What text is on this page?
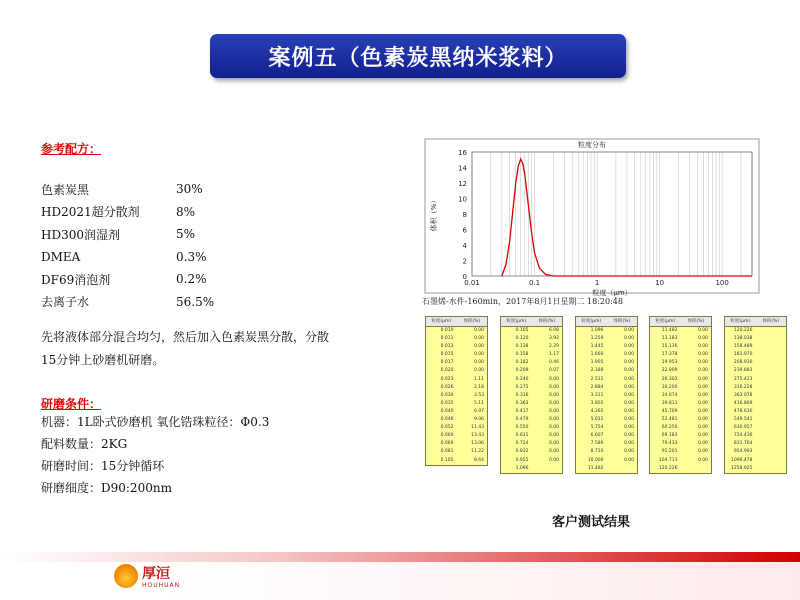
案例五（色素炭黑纳米浆料）
参考配方：
色素炭黑	30%
HD2021超分散剂	8%
HD300润湿剂	5%
DMEA	0.3%
DF69消泡剂	0.2%
去离子水	56.5%
先将液体部分混合均匀，然后加入色素炭黑分散，分散
15分钟上砂磨机研磨。
研磨条件：
机器：1L卧式砂磨机 氧化锆珠粒径：Φ0.3
配料数量：2KG
研磨时间：15分钟循环
研磨细度：D90:200nm
粒度分布
0
2
4
6
8
10
12
14
16
0.01	0.1	1	10	100
粒度（μm）
体积（%）
石墨烯-水件-160min，2017年8月1日星期二 18:20:48
粒度(μm)	体积(%)
0.010	0.00
0.011	0.00
0.013	0.00
0.015	0.00
0.017	0.00
0.020	0.00
0.023	1.11
0.026	2.18
0.030	3.53
0.035	5.11
0.040	6.97
0.046	9.06
0.052	11.43
0.060	13.43
0.069	13.06
0.081	11.22
0.105	8.64
粒度(μm)	体积(%)
0.105	6.08
0.120	3.92
0.138	2.29
0.158	1.17
0.182	0.46
0.209	0.07
0.240	0.00
0.275	0.00
0.316	0.00
0.363	0.00
0.417	0.00
0.479	0.00
0.550	0.00
0.631	0.00
0.724	0.00
0.832	0.00
0.955	0.00
1.096
粒度(μm)	体积(%)
1.096	0.00
1.259	0.00
1.445	0.00
1.660	0.00
1.905	0.00
2.188	0.00
2.512	0.00
2.884	0.00
3.311	0.00
3.802	0.00
4.365	0.00
5.012	0.00
5.754	0.00
6.607	0.00
7.586	0.00
8.710	0.00
10.000	0.00
11.482
粒度(μm)	体积(%)
11.482	0.00
13.183	0.00
15.136	0.00
17.378	0.00
19.953	0.00
22.909	0.00
26.303	0.00
30.200	0.00
34.674	0.00
39.811	0.00
45.709	0.00
52.481	0.00
60.256	0.00
69.183	0.00
79.433	0.00
91.201	0.00
104.713	0.00
120.226
粒度(μm)	体积(%)
120.226
138.038
158.489
181.970
208.930
239.883
275.423
316.228
363.078
416.869
478.630
549.541
630.957
724.436
831.764
954.993
1096.478
1258.925
客户测试结果
厚洹
HOUHUAN
